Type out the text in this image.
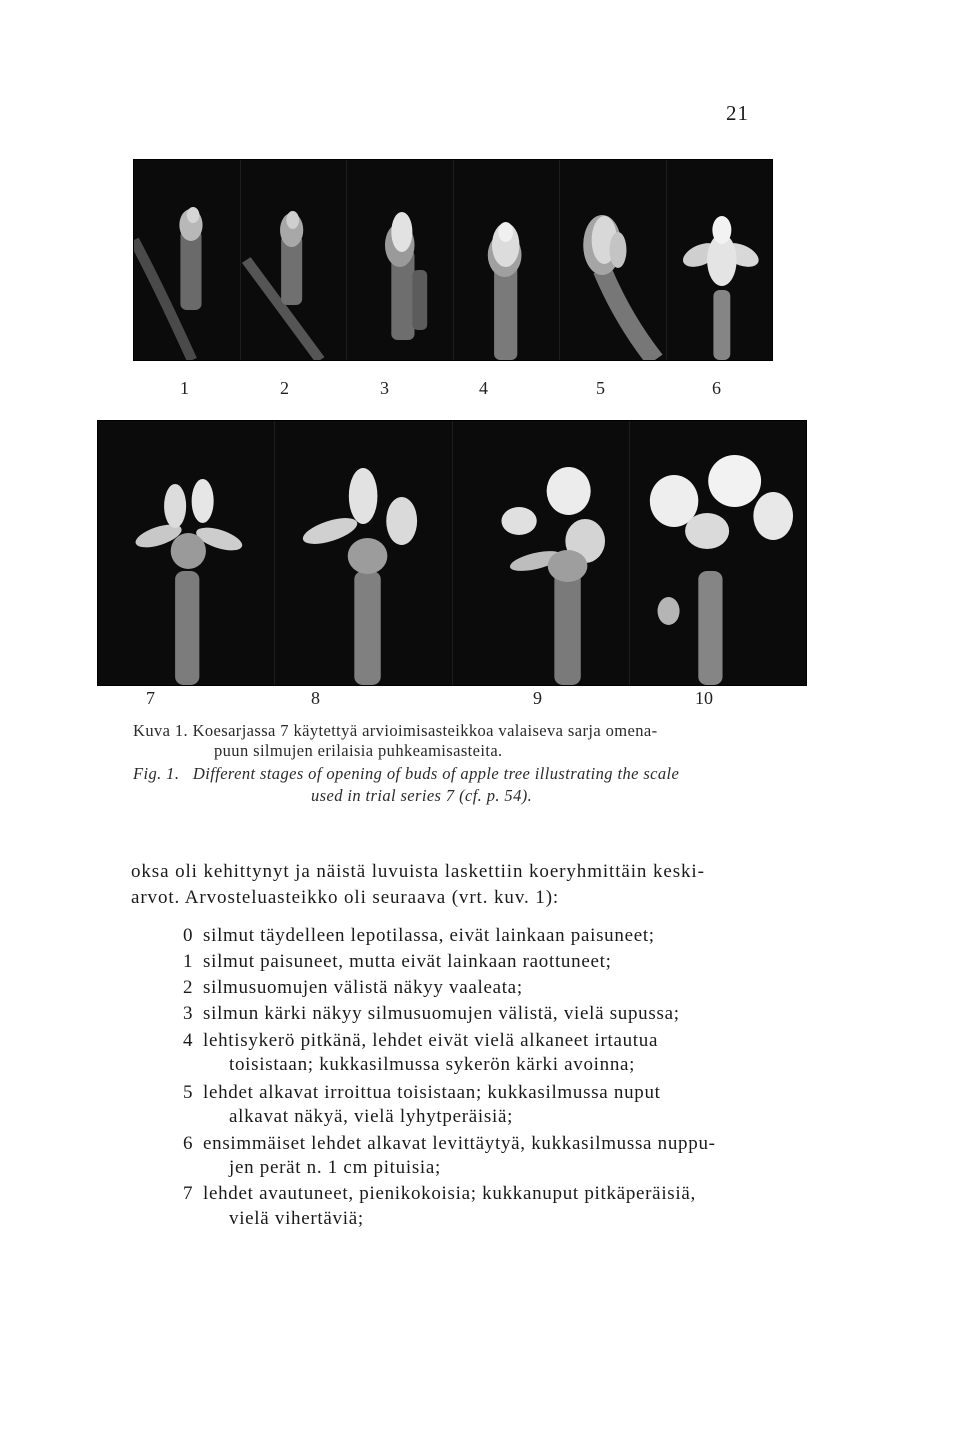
21
1	2	3	4	5	6
7	8	9	10
Kuva 1. Koesarjassa 7 käytettyä arvioimisasteikkoa valaiseva sarja omena-
puun silmujen erilaisia puhkeamisasteita.
Fig. 1. Different stages of opening of buds of apple tree illustrating the scale
used in trial series 7 (cf. p. 54).
oksa oli kehittynyt ja näistä luvuista laskettiin koeryhmittäin keski-
arvot. Arvosteluasteikko oli seuraava (vrt. kuv. 1):
0 silmut täydelleen lepotilassa, eivät lainkaan paisuneet;
1 silmut paisuneet, mutta eivät lainkaan raottuneet;
2 silmusuomujen välistä näkyy vaaleata;
3 silmun kärki näkyy silmusuomujen välistä, vielä supussa;
4 lehtisykerö pitkänä, lehdet eivät vielä alkaneet irtautua
toisistaan; kukkasilmussa sykerön kärki avoinna;
5 lehdet alkavat irroittua toisistaan; kukkasilmussa nuput
alkavat näkyä, vielä lyhytperäisiä;
6 ensimmäiset lehdet alkavat levittäytyä, kukkasilmussa nuppu-
jen perät n. 1 cm pituisia;
7 lehdet avautuneet, pienikokoisia; kukkanuput pitkäperäisiä,
vielä vihertäviä;
